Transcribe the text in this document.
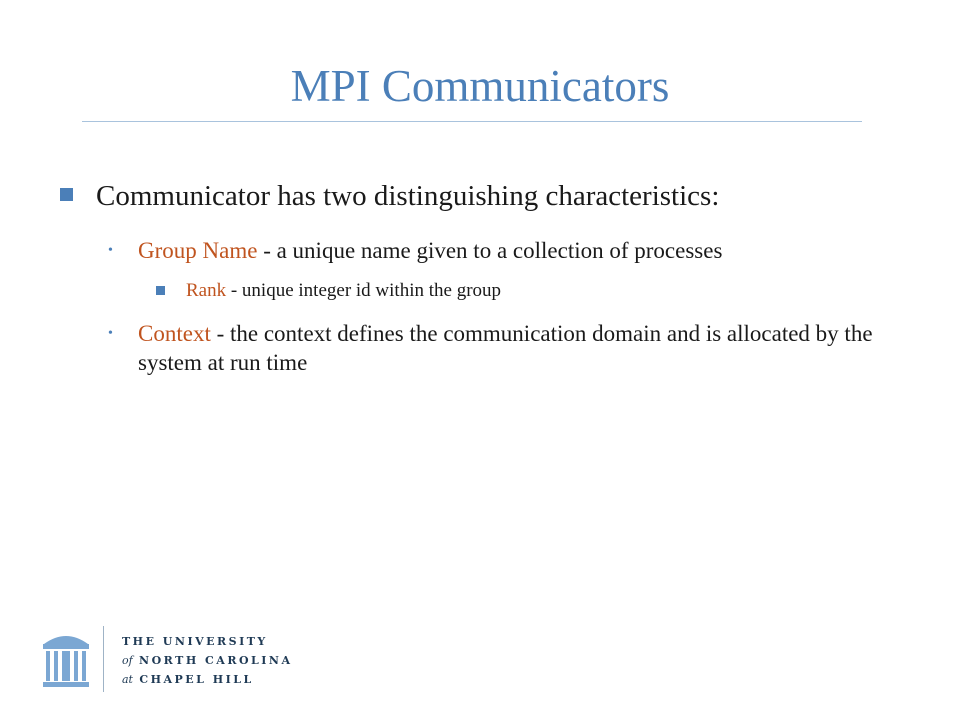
MPI Communicators
Communicator has two distinguishing characteristics:
• Group Name - a unique name given to a collection of processes
Rank - unique integer id within the group
• Context - the context defines the communication domain and is allocated by the system at run time
THE UNIVERSITY
of NORTH CAROLINA
at CHAPEL HILL
